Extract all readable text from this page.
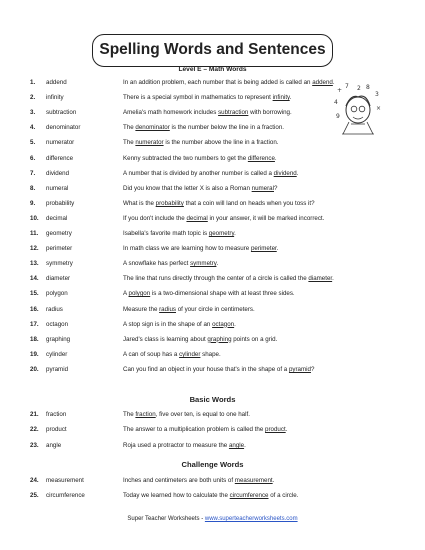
Spelling Words and Sentences
Level E – Math Words
+
7	8
3
4
×
2
9
1.	addend	In an addition problem, each number that is being added is called an addend.
2.	infinity	There is a special symbol in mathematics to represent infinity.
3.	subtraction	Amelia's math homework includes subtraction with borrowing.
4.	denominator	The denominator is the number below the line in a fraction.
5.	numerator	The numerator is the number above the line in a fraction.
6.	difference	Kenny subtracted the two numbers to get the difference.
7.	dividend	A number that is divided by another number is called a dividend.
8.	numeral	Did you know that the letter X is also a Roman numeral?
9.	probability	What is the probability that a coin will land on heads when you toss it?
10.	decimal	If you don't include the decimal in your answer, it will be marked incorrect.
11.	geometry	Isabella's favorite math topic is geometry.
12.	perimeter	In math class we are learning how to measure perimeter.
13.	symmetry	A snowflake has perfect symmetry.
14.	diameter	The line that runs directly through the center of a circle is called the diameter.
15.	polygon	A polygon is a two-dimensional shape with at least three sides.
16.	radius	Measure the radius of your circle in centimeters.
17.	octagon	A stop sign is in the shape of an octagon.
18.	graphing	Jared's class is learning about graphing points on a grid.
19.	cylinder	A can of soup has a cylinder shape.
20.	pyramid	Can you find an object in your house that's in the shape of a pyramid?
21.	fraction	The fraction, five over ten, is equal to one half.
22.	product	The answer to a multiplication problem is called the product.
23.	angle	Roja used a protractor to measure the angle.
24.	measurement	Inches and centimeters are both units of measurement.
25.	circumference	Today we learned how to calculate the circumference of a circle.
Basic Words
Challenge Words
Super Teacher Worksheets - www.superteacherworksheets.com
